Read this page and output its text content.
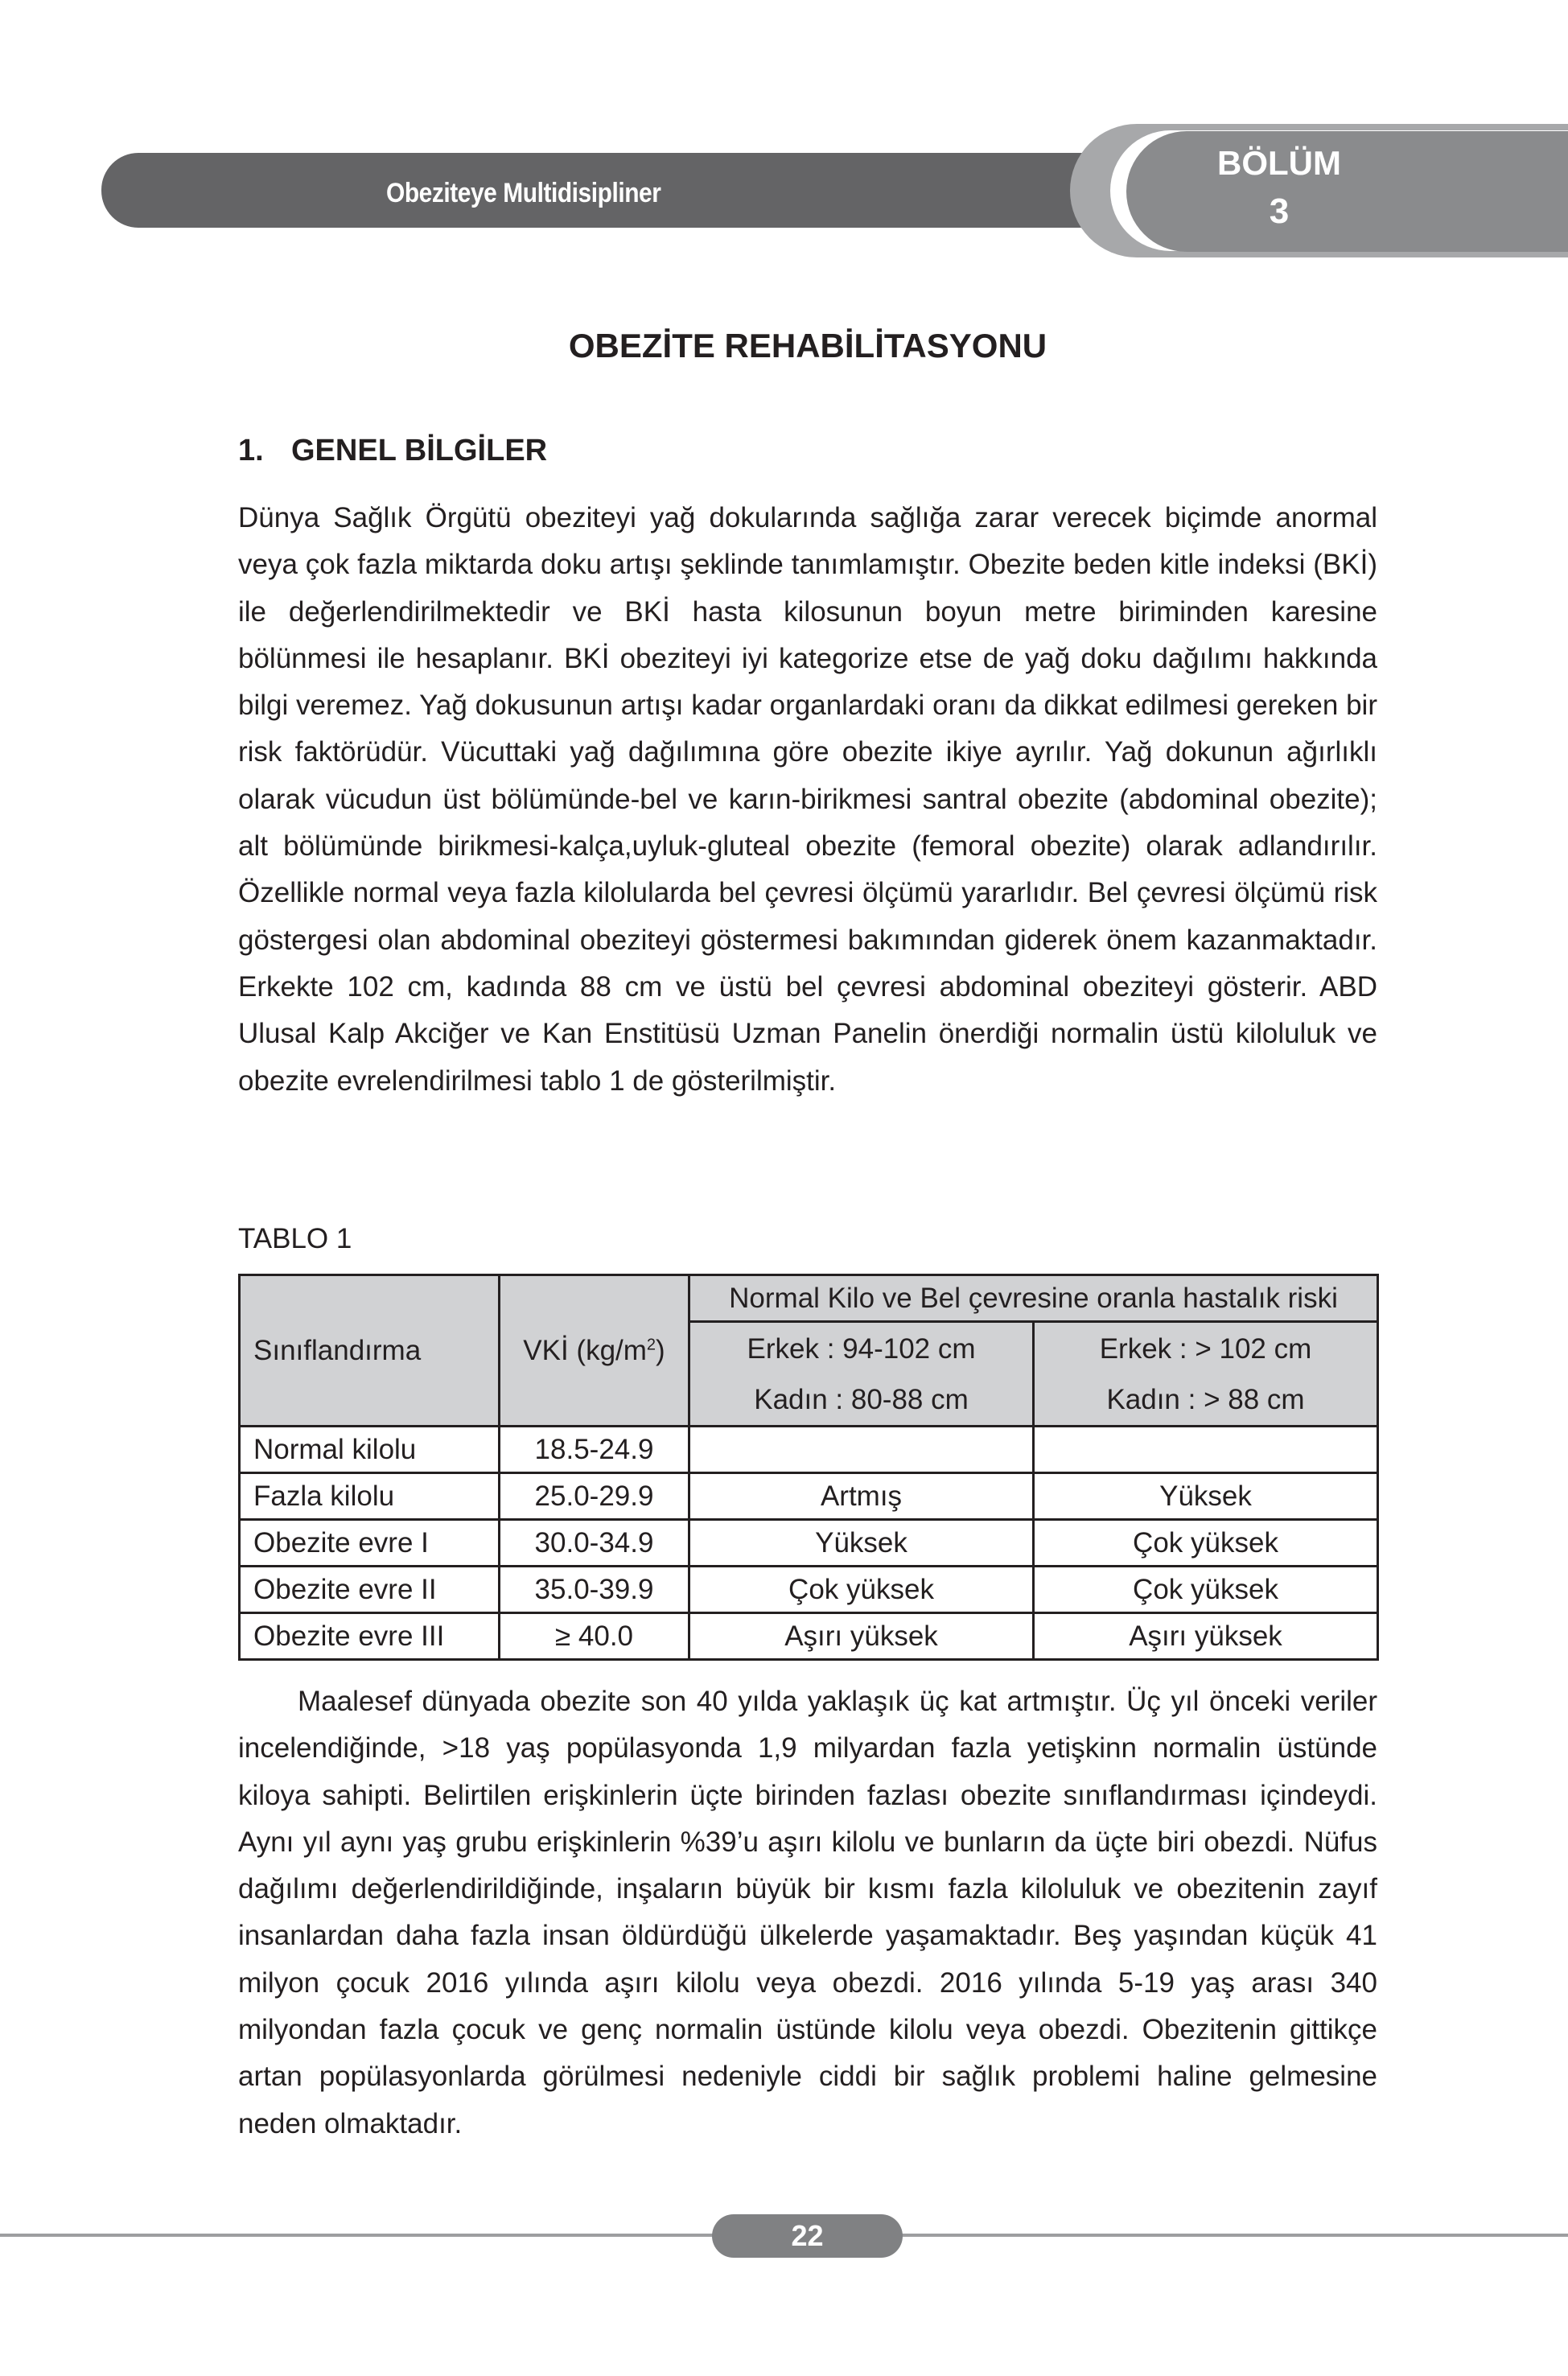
Obeziteye Multidisipliner Yaklaşım
BÖLÜM
3
OBEZİTE REHABİLİTASYONU
1. GENEL BİLGİLER

Dünya Sağlık Örgütü obeziteyi yağ dokularında sağlığa zarar verecek biçimde anormal veya çok fazla miktarda doku artışı şeklinde tanımlamıştır. Obezite beden kitle indeksi (BKİ) ile değerlendirilmektedir ve BKİ hasta kilosunun boyun metre biriminden karesine bölünmesi ile hesaplanır. BKİ obeziteyi iyi kategorize etse de yağ doku dağılımı hakkında bilgi veremez. Yağ dokusunun artışı kadar organlardaki oranı da dikkat edilmesi gereken bir risk faktörüdür. Vücuttaki yağ dağılımına göre obezite ikiye ayrılır. Yağ dokunun ağırlıklı olarak vücudun üst bölümünde-bel ve karın-birikmesi santral obezite (abdominal obezite); alt bölümünde birikmesi-kalça,uyluk-gluteal obezite (femoral obezite) olarak adlandırılır. Özellikle normal veya fazla kilolularda bel çevresi ölçümü yararlıdır. Bel çevresi ölçümü risk göstergesi olan abdominal obeziteyi göstermesi bakımından giderek önem kazanmaktadır. Erkekte 102 cm, kadında 88 cm ve üstü bel çevresi abdominal obeziteyi gösterir. ABD Ulusal Kalp Akciğer ve Kan Enstitüsü Uzman Panelin önerdiği normalin üstü kiloluluk ve obezite evrelendirilmesi tablo 1 de gösterilmiştir.

TABLO 1
Sınıflandırma	VKİ $(kg/m^2)$	Normal Kilo ve Bel çevresine oranla hastalık riski	
		Erkek : 94-102 cm	Erkek : > 102 cm
		Kadın : 80-88 cm	Kadın : > 88 cm
Normal kilolu	18.5-24.9		
Fazla kilolu	25.0-29.9	Artmış	Yüksek
Obezite evre I	30.0-34.9	Yüksek	Çok yüksek
Obezite evre II	35.0-39.9	Çok yüksek	Çok yüksek
Obezite evre III	≥ 40.0	Aşırı yüksek	Aşırı yüksek

Maalesef dünyada obezite son 40 yılda yaklaşık üç kat artmıştır. Üç yıl önceki veriler incelendiğinde, >18 yaş popülasyonda 1,9 milyardan fazla yetişkinn normalin üstünde kiloya sahipti. Belirtilen erişkinlerin üçte birinden fazlası obezite sınıflandırması içindeydi. Aynı yıl aynı yaş grubu erişkinlerin %39’u aşırı kilolu ve bunların da üçte biri obezdi. Nüfus dağılımı değerlendirildiğinde, inşaların büyük bir kısmı fazla kiloluluk ve obezitenin zayıf insanlardan daha fazla insan öldürdüğü ülkelerde yaşamaktadır. Beş yaşından küçük 41 milyon çocuk 2016 yılında aşırı kilolu veya obezdi. 2016 yılında 5-19 yaş arası 340 milyondan fazla çocuk ve genç normalin üstünde kilolu veya obezdi. Obezitenin gittikçe artan popülasyonlarda görülmesi nedeniyle ciddi bir sağlık problemi haline gelmesine neden olmaktadır.

22
